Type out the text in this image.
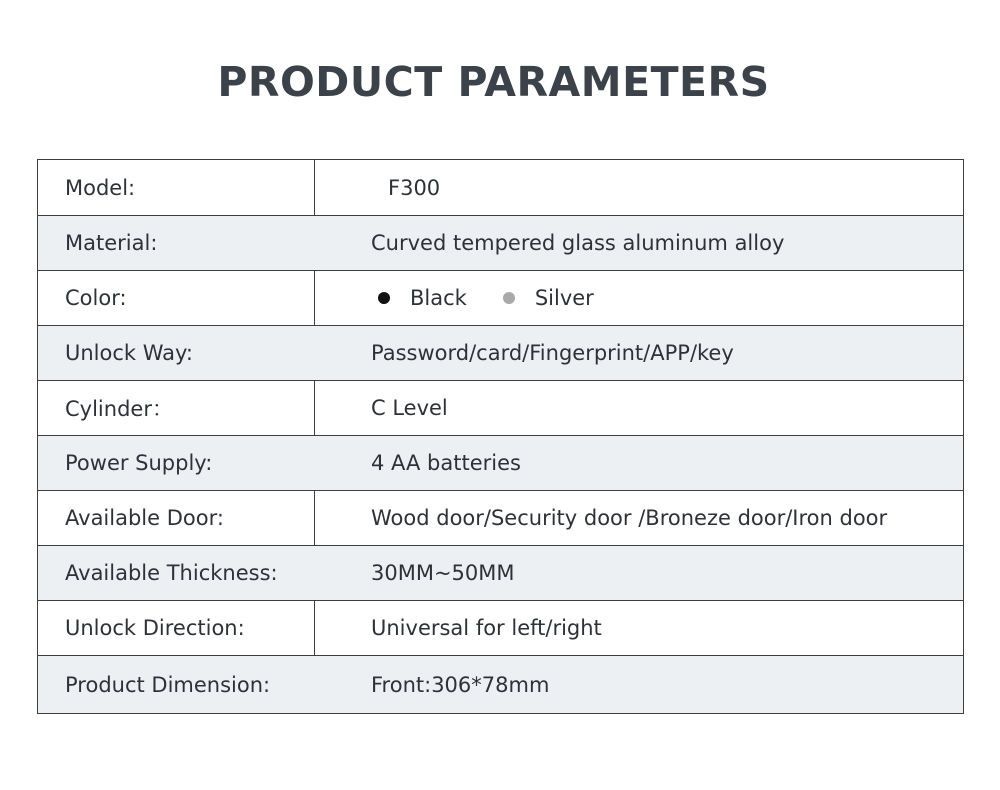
PRODUCT PARAMETERS
Model:	F300
Material:	Curved tempered glass aluminum alloy
Color:	Black	Silver
Unlock Way:	Password/card/Fingerprint/APP/key
Cylinder：	C Level
Power Supply:	4 AA batteries
Available Door:	Wood door/Security door /Broneze door/Iron door
Available Thickness:	30MM~50MM
Unlock Direction:	Universal for left/right
Product Dimension:	Front:306*78mm
